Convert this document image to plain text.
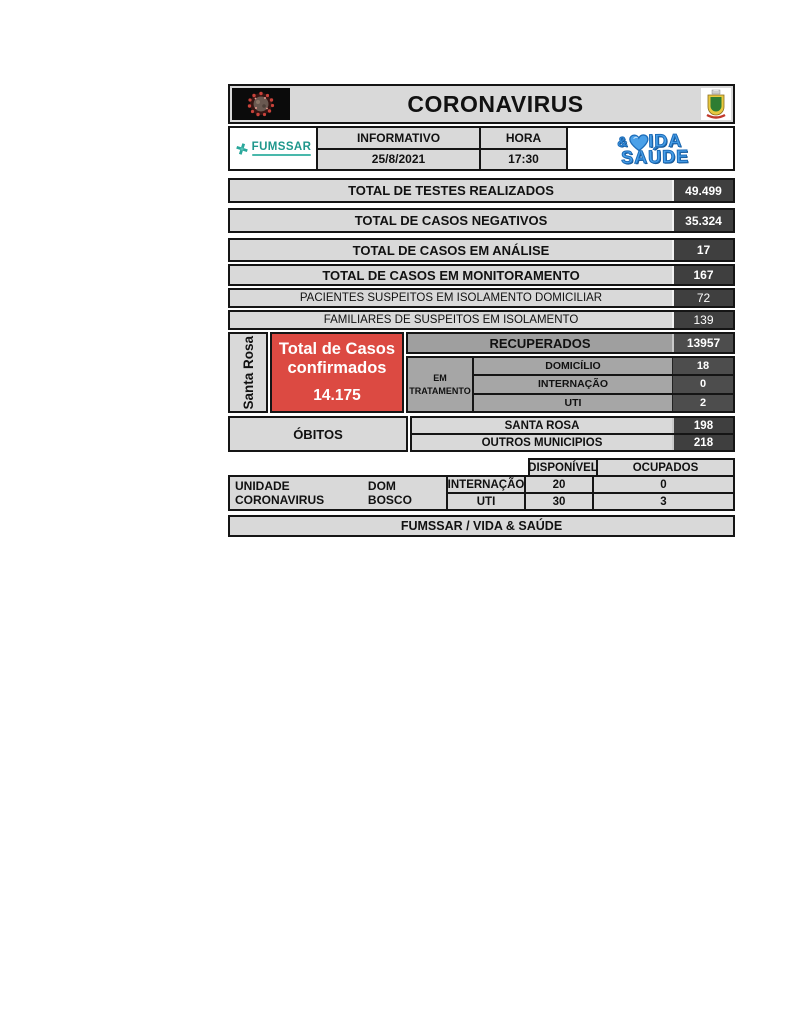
CORONAVIRUS
FUMSSAR
INFORMATIVO
25/8/2021
HORA
17:30
& IDA
SAÚDE
TOTAL DE TESTES REALIZADOS	49.499
TOTAL DE CASOS NEGATIVOS	35.324
TOTAL DE CASOS EM ANÁLISE	17
TOTAL DE CASOS EM MONITORAMENTO	167
PACIENTES SUSPEITOS EM ISOLAMENTO DOMICILIAR	72
FAMILIARES DE SUSPEITOS EM ISOLAMENTO	139
Santa Rosa Total de Casos
confirmados
14.175
RECUPERADOS	13957
EM TRATAMENTO
DOMICÍLIO	18
INTERNAÇÃO	0
UTI	2
ÓBITOS
SANTA ROSA	198
OUTROS MUNICIPIOS	218
DISPONÍVEL	OCUPADOS
UNIDADE CORONAVIRUS
DOM BOSCO
INTERNAÇÃO	20	0
UTI	30	3
FUMSSAR / VIDA & SAÚDE
